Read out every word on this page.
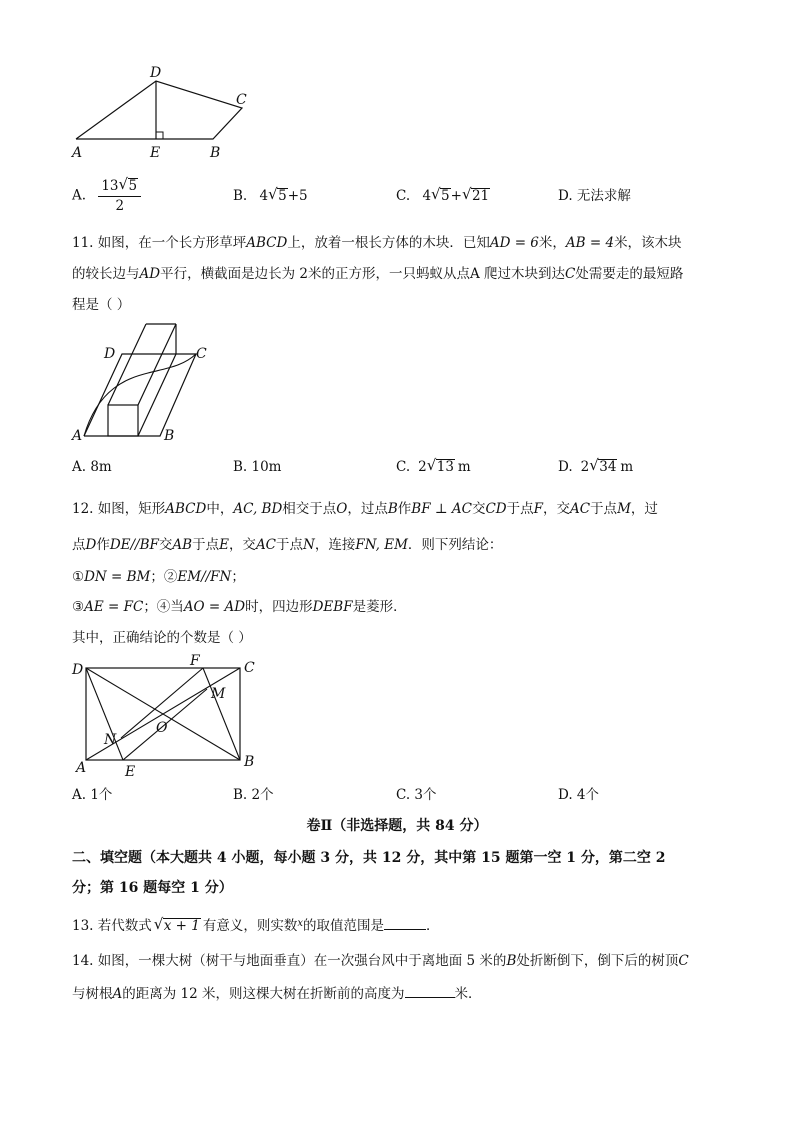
D
C
A	E	B
A. $\frac{13 √ 5}{2}$	B. 4 √ 5+5	C. 4 √ 5+ √ 21	D. 无法求解
11. 如图，在一个长方形草坪ABCD上，放着一根长方体的木块．已知AD = 6米，AB = 4米，该木块
的较长边与AD平行，横截面是边长为 2米的正方形，一只蚂蚁从点A 爬过木块到达C处需要走的最短路
程是（ ）
D	C
A	B
A. 8m	B. 10m	C. 2 √ 13 m	D. 2 √ 34 m
12. 如图，矩形ABCD中，AC, BD相交于点O，过点B作BF ⊥ AC交CD于点F，交AC于点M，过
点D作DE//BF交AB于点E，交AC于点N，连接FN, EM．则下列结论：
①DN = BM；②EM//FN；
③AE = FC；④当AO = AD时，四边形DEBF是菱形．
其中，正确结论的个数是（ ）
D
F	C
M
O
N
A	E
B
A. 1个	B. 2个	C. 3个	D. 4个
卷Ⅱ（非选择题，共 84 分）
二、填空题（本大题共 4 小题，每小题 3 分，共 12 分，其中第 15 题第一空 1 分，第二空 2
分；第 16 题每空 1 分）
13. 若代数式 √ x + 1 有意义，则实数$^x$的取值范围是	．
14. 如图，一棵大树（树干与地面垂直）在一次强台风中于离地面 5 米的B处折断倒下，倒下后的树顶C
与树根A的距离为 12 米，则这棵大树在折断前的高度为	米．
